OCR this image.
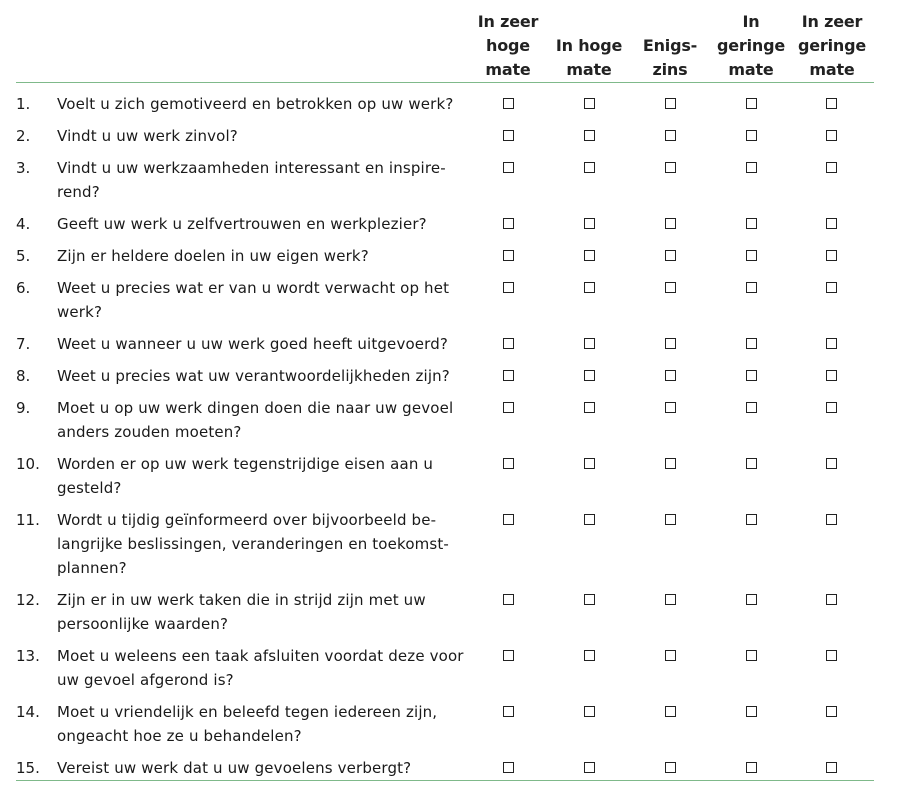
In zeer
hoge
mate
In hoge
mate
Enigs-
zins
In
geringe
mate
In zeer
geringe
mate
1. Voelt u zich gemotiveerd en betrokken op uw werk?
2. Vindt u uw werk zinvol?
3. Vindt u uw werkzaamheden interessant en inspire-
rend?
4. Geeft uw werk u zelfvertrouwen en werkplezier?
5. Zijn er heldere doelen in uw eigen werk?
6. Weet u precies wat er van u wordt verwacht op het
werk?
7. Weet u wanneer u uw werk goed heeft uitgevoerd?
8. Weet u precies wat uw verantwoordelijkheden zijn?
9. Moet u op uw werk dingen doen die naar uw gevoel
anders zouden moeten?
10. Worden er op uw werk tegenstrijdige eisen aan u
gesteld?
11. Wordt u tijdig geïnformeerd over bijvoorbeeld be-
langrijke beslissingen, veranderingen en toekomst-
plannen?
12. Zijn er in uw werk taken die in strijd zijn met uw
persoonlijke waarden?
13. Moet u weleens een taak afsluiten voordat deze voor
uw gevoel afgerond is?
14. Moet u vriendelijk en beleefd tegen iedereen zijn,
ongeacht hoe ze u behandelen?
15. Vereist uw werk dat u uw gevoelens verbergt?
